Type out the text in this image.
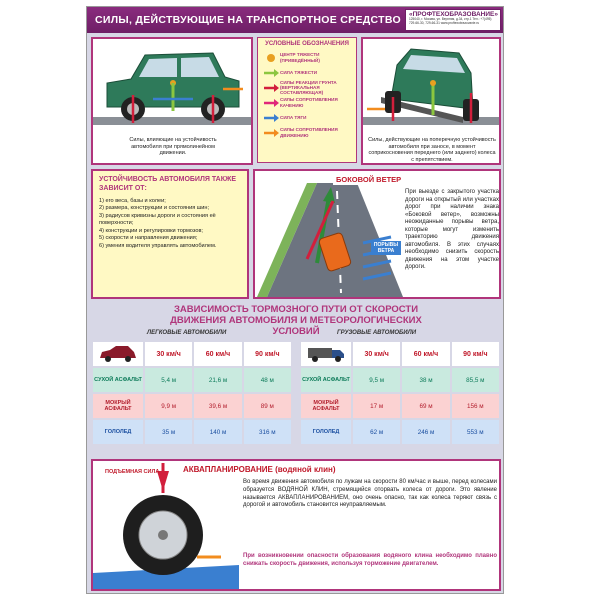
СИЛЫ, ДЕЙСТВУЮЩИЕ НА ТРАНСПОРТНОЕ СРЕДСТВО «ПРОФТЕХОБРАЗОВАНИЕ»
125040, г. Москва, ул. Верхняя, д.34, стр.1 Тел.: +7(495) 729-66-30, 729-66-31 www.proftexobrazovanie.ru
Силы, влияющие на устойчивость автомобиля при прямолинейном движении.
УСЛОВНЫЕ ОБОЗНАЧЕНИЯ
ЦЕНТР ТЯЖЕСТИ (ПРИВЕДЁННЫЙ)
СИЛА ТЯЖЕСТИ
СИЛЫ РЕАКЦИИ ГРУНТА (ВЕРТИКАЛЬНАЯ СОСТАВЛЯЮЩАЯ)
СИЛЫ СОПРОТИВЛЕНИЯ КАЧЕНИЮ
СИЛА ТЯГИ
СИЛЫ СОПРОТИВЛЕНИЯ ДВИЖЕНИЮ
Силы, действующие на поперечную устойчивость автомобиля при заносе, в момент соприкосновения переднего (или заднего) колеса с препятствием.
УСТОЙЧИВОСТЬ АВТОМОБИЛЯ ТАКЖЕ ЗАВИСИТ ОТ:
1) его веса, базы и колеи;
2) размера, конструкции и состояния шин;
3) радиусов кривизны дороги и состояния её поверхности;
4) конструкции и регулировки тормозов;
5) скорости и направления движения;
6) умения водителя управлять автомобилем.
БОКОВОЙ ВЕТЕР
ПОРЫВЫ ВЕТРА
При выезде с закрытого участка дороги на открытый или участках дорог при наличии знака «Боковой ветер», возможны неожиданные порывы ветра, которые могут изменить траекторию движения автомобиля. В этих случаях необходимо снизить скорость движения на этом участке дороги.
ЗАВИСИМОСТЬ ТОРМОЗНОГО ПУТИ ОТ СКОРОСТИ ДВИЖЕНИЯ АВТОМОБИЛЯ И МЕТЕОРОЛОГИЧЕСКИХ УСЛОВИЙ
ЛЕГКОВЫЕ АВТОМОБИЛИ	ГРУЗОВЫЕ АВТОМОБИЛИ
	30 км/ч	60 км/ч	90 км/ч
СУХОЙ АСФАЛЬТ	5,4 м	21,6 м	48 м
МОКРЫЙ АСФАЛЬТ	9,9 м	39,6 м	89 м
ГОЛОЛЕД	35 м	140 м	316 м
	30 км/ч	60 км/ч	90 км/ч
СУХОЙ АСФАЛЬТ	9,5 м	38 м	85,5 м
МОКРЫЙ АСФАЛЬТ	17 м	69 м	156 м
ГОЛОЛЕД	62 м	246 м	553 м
ПОДЪЕМНАЯ СИЛА	АКВАПЛАНИРОВАНИЕ (водяной клин)
Во время движения автомобиля по лужам на скорости 80 км/час и выше, перед колесами образуется ВОДЯНОЙ КЛИН, стремящийся оторвать колеса от дороги. Это явление называется АКВАПЛАНИРОВАНИЕМ, оно очень опасно, так как колеса теряют связь с дорогой и автомобиль становится неуправляемым.
При возникновении опасности образования водяного клина необходимо плавно снижать скорость движения, используя торможение двигателем.
